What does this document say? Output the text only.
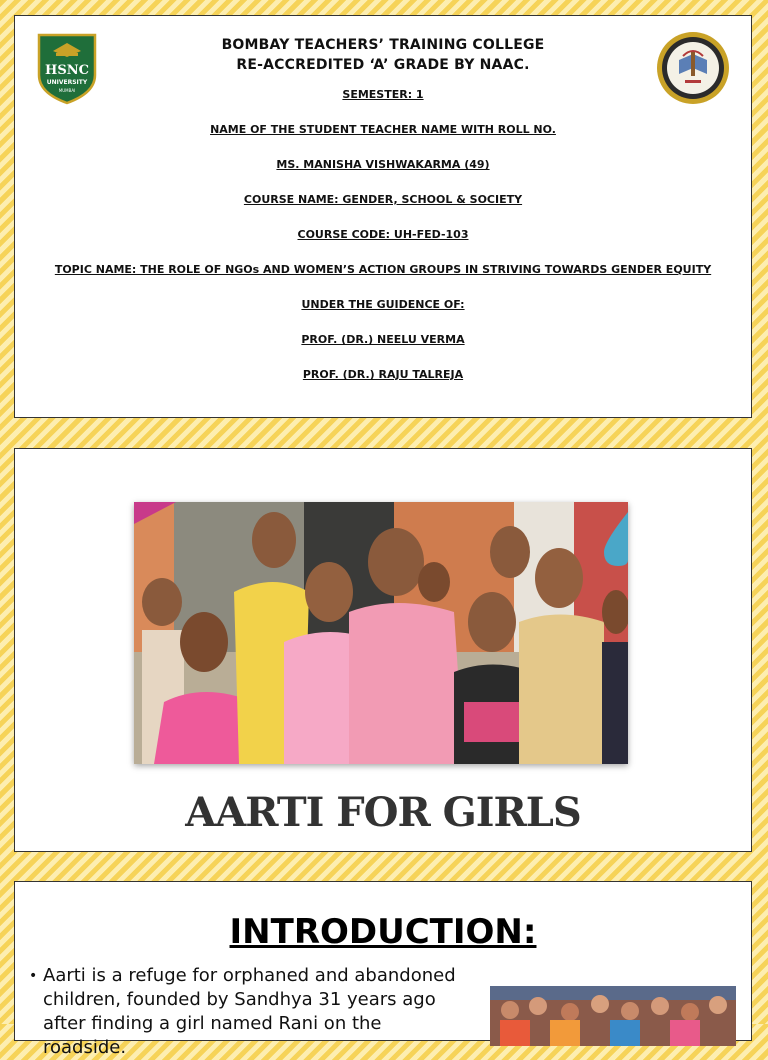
HSNC
UNIVERSITY
MUMBAI
BOMBAY TEACHERS’ TRAINING COLLEGE
RE-ACCREDITED ‘A’ GRADE BY NAAC.
SEMESTER: 1
NAME OF THE STUDENT TEACHER NAME WITH ROLL NO.
MS. MANISHA VISHWAKARMA (49)
COURSE NAME: GENDER, SCHOOL & SOCIETY
COURSE CODE: UH-FED-103
TOPIC NAME: THE ROLE OF NGOs AND WOMEN’S ACTION GROUPS IN STRIVING TOWARDS GENDER EQUITY
UNDER THE GUIDENCE OF:
PROF. (DR.) NEELU VERMA
PROF. (DR.) RAJU TALREJA
AARTI FOR GIRLS
INTRODUCTION:
• Aarti is a refuge for orphaned and abandoned children, founded by Sandhya 31 years ago after finding a girl named Rani on the roadside.
